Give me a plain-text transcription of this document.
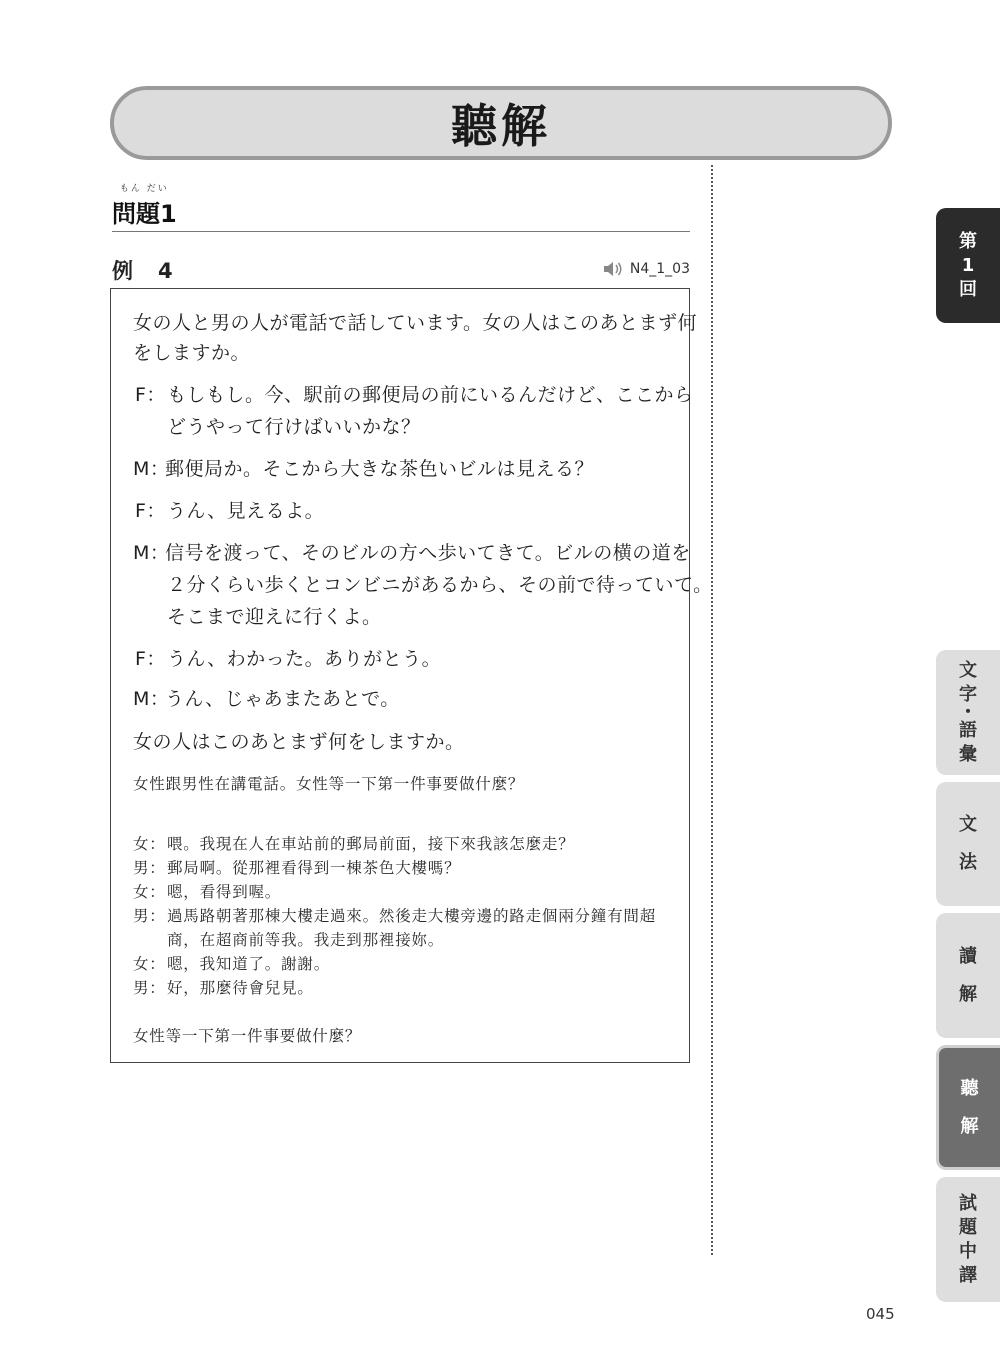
聽解
もん だい
問題1
例　4	N4_1_03
女の人と男の人が電話で話しています。女の人はこのあとまず何
をしますか。
F：もしもし。今、駅前の郵便局の前にいるんだけど、ここから
どうやって行けばいいかな？
M：郵便局か。そこから大きな茶色いビルは見える？
F：うん、見えるよ。
M：信号を渡って、そのビルの方へ歩いてきて。ビルの横の道を
２分くらい歩くとコンビニがあるから、その前で待っていて。
そこまで迎えに行くよ。
F：うん、わかった。ありがとう。
M：うん、じゃあまたあとで。
女の人はこのあとまず何をしますか。
女性跟男性在講電話。女性等一下第一件事要做什麼？
女：喂。我現在人在車站前的郵局前面，接下來我該怎麼走？
男：郵局啊。從那裡看得到一棟茶色大樓嗎？
女：嗯，看得到喔。
男：過馬路朝著那棟大樓走過來。然後走大樓旁邊的路走個兩分鐘有間超
商，在超商前等我。我走到那裡接妳。
女：嗯，我知道了。謝謝。
男：好，那麼待會兒見。
女性等一下第一件事要做什麼？
第
1
回
文
字
・
語
彙
文
法
讀
解
聽
解
試
題
中
譯
045
